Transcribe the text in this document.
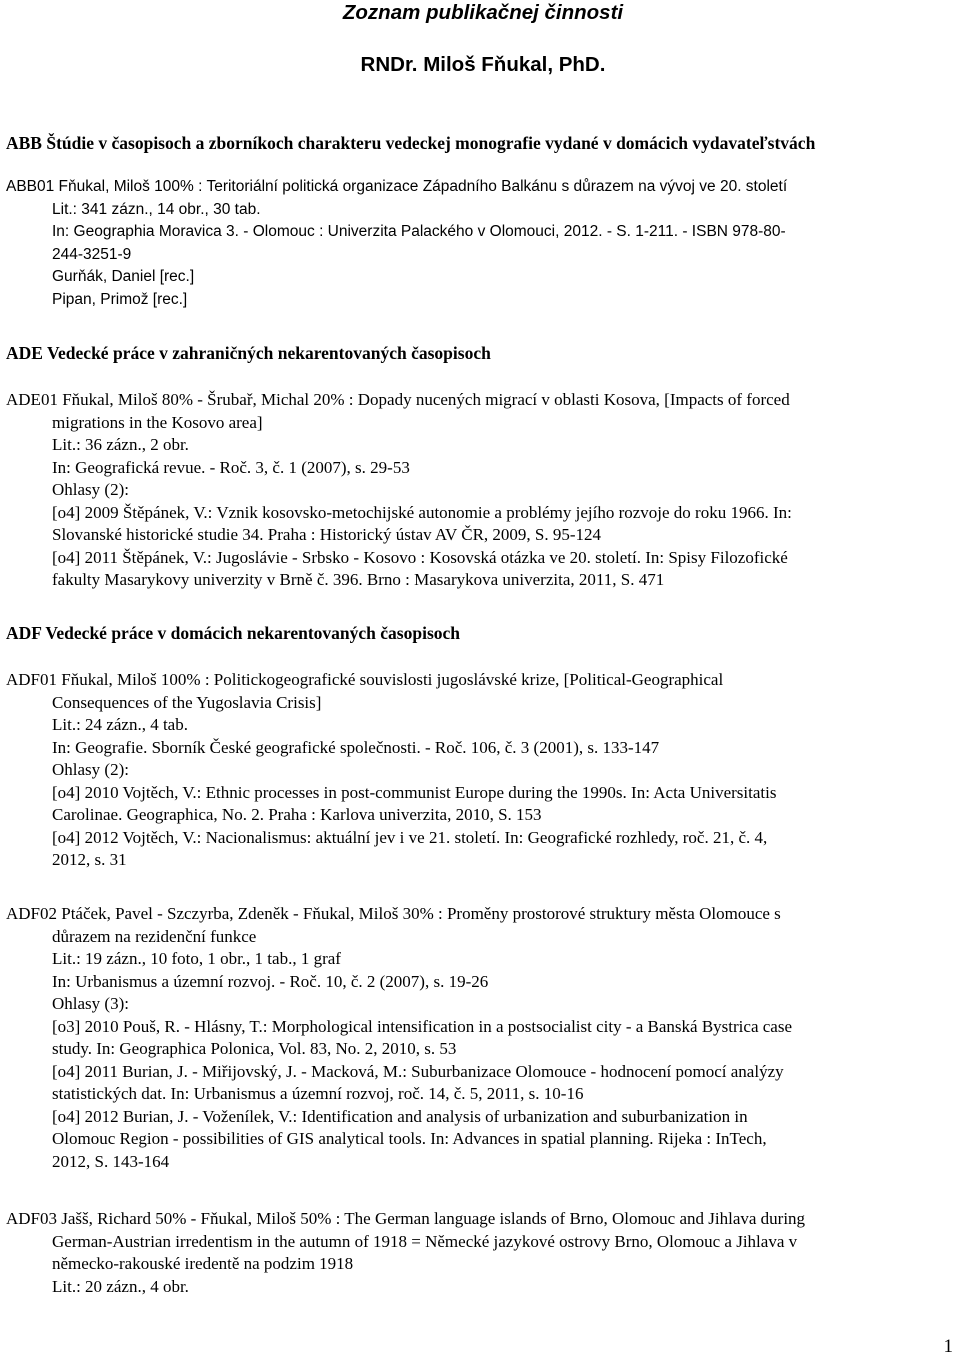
Zoznam publikačnej činnosti
RNDr. Miloš Fňukal, PhD.
ABB Štúdie v časopisoch a zborníkoch charakteru vedeckej monografie vydané v domácich vydavateľstvách
ABB01 Fňukal, Miloš 100% : Teritoriální politická organizace Západního Balkánu s důrazem na vývoj ve 20. století
Lit.: 341 zázn., 14 obr., 30 tab.
In: Geographia Moravica 3. - Olomouc : Univerzita Palackého v Olomouci, 2012. - S. 1-211. - ISBN 978-80-
244-3251-9
Gurňák, Daniel [rec.]
Pipan, Primož [rec.]
ADE Vedecké práce v zahraničných nekarentovaných časopisoch
ADE01 Fňukal, Miloš 80% - Šrubař, Michal 20% : Dopady nucených migrací v oblasti Kosova, [Impacts of forced
migrations in the Kosovo area]
Lit.: 36 zázn., 2 obr.
In: Geografická revue. - Roč. 3, č. 1 (2007), s. 29-53
Ohlasy (2):
[o4] 2009 Štěpánek, V.: Vznik kosovsko-metochijské autonomie a problémy jejího rozvoje do roku 1966. In:
Slovanské historické studie 34. Praha : Historický ústav AV ČR, 2009, S. 95-124
[o4] 2011 Štěpánek, V.: Jugoslávie - Srbsko - Kosovo : Kosovská otázka ve 20. století. In: Spisy Filozofické
fakulty Masarykovy univerzity v Brně č. 396. Brno : Masarykova univerzita, 2011, S. 471
ADF Vedecké práce v domácich nekarentovaných časopisoch
ADF01 Fňukal, Miloš 100% : Politickogeografické souvislosti jugoslávské krize, [Political-Geographical
Consequences of the Yugoslavia Crisis]
Lit.: 24 zázn., 4 tab.
In: Geografie. Sborník České geografické společnosti. - Roč. 106, č. 3 (2001), s. 133-147
Ohlasy (2):
[o4] 2010 Vojtěch, V.: Ethnic processes in post-communist Europe during the 1990s. In: Acta Universitatis
Carolinae. Geographica, No. 2. Praha : Karlova univerzita, 2010, S. 153
[o4] 2012 Vojtěch, V.: Nacionalismus: aktuální jev i ve 21. století. In: Geografické rozhledy, roč. 21, č. 4,
2012, s. 31
ADF02 Ptáček, Pavel - Szczyrba, Zdeněk - Fňukal, Miloš 30% : Proměny prostorové struktury města Olomouce s
důrazem na rezidenční funkce
Lit.: 19 zázn., 10 foto, 1 obr., 1 tab., 1 graf
In: Urbanismus a územní rozvoj. - Roč. 10, č. 2 (2007), s. 19-26
Ohlasy (3):
[o3] 2010 Pouš, R. - Hlásny, T.: Morphological intensification in a postsocialist city - a Banská Bystrica case
study. In: Geographica Polonica, Vol. 83, No. 2, 2010, s. 53
[o4] 2011 Burian, J. - Miřijovský, J. - Macková, M.: Suburbanizace Olomouce - hodnocení pomocí analýzy
statistických dat. In: Urbanismus a územní rozvoj, roč. 14, č. 5, 2011, s. 10-16
[o4] 2012 Burian, J. - Voženílek, V.: Identification and analysis of urbanization and suburbanization in
Olomouc Region - possibilities of GIS analytical tools. In: Advances in spatial planning. Rijeka : InTech,
2012, S. 143-164
ADF03 Jašš, Richard 50% - Fňukal, Miloš 50% : The German language islands of Brno, Olomouc and Jihlava during
German-Austrian irredentism in the autumn of 1918 = Německé jazykové ostrovy Brno, Olomouc a Jihlava v
německo-rakouské iredentě na podzim 1918
Lit.: 20 zázn., 4 obr.
1
